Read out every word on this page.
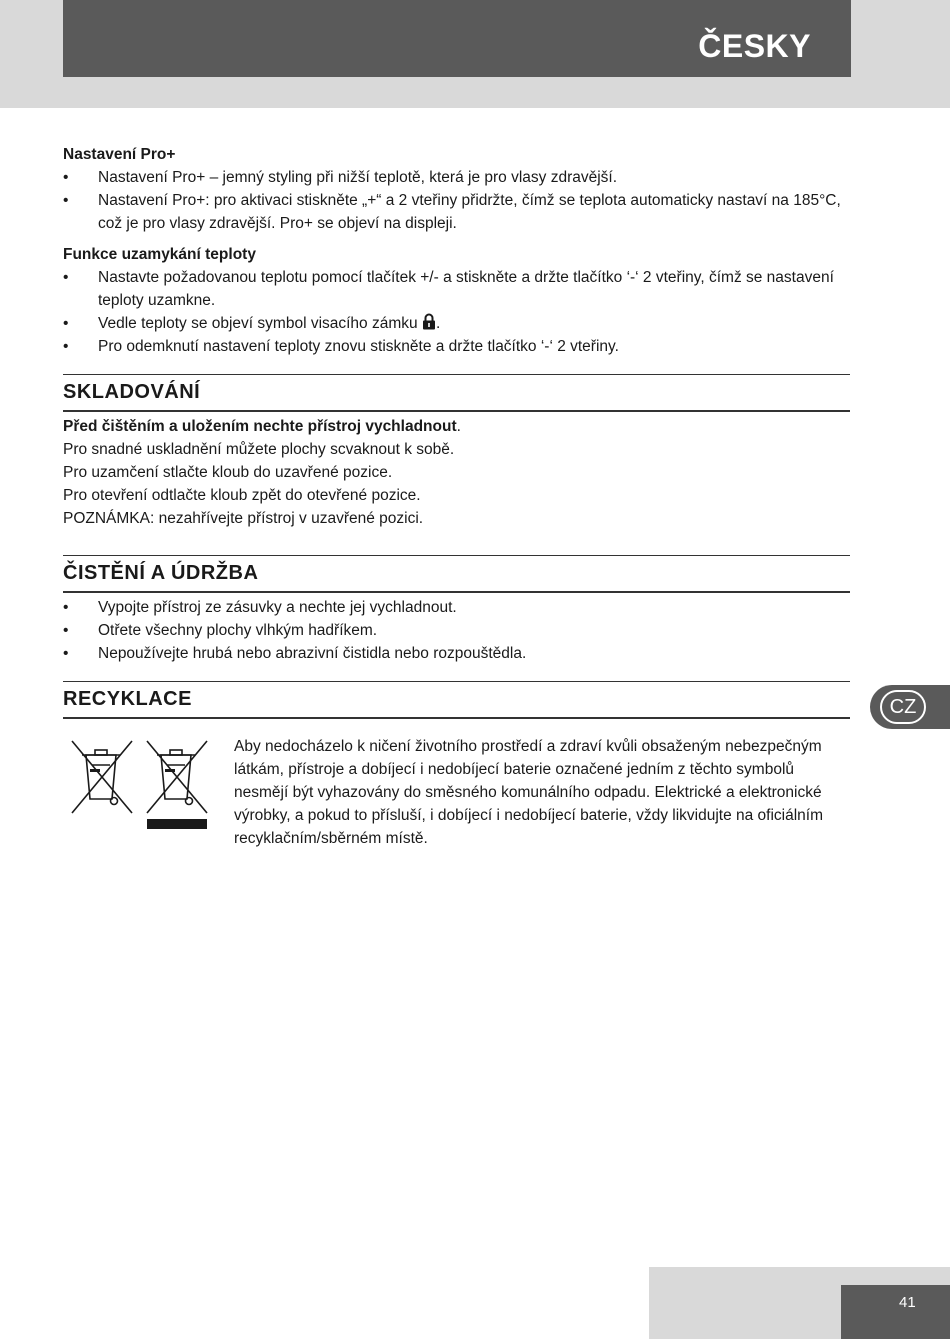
ČESKY
Nastavení Pro+
• Nastavení Pro+ – jemný styling při nižší teplotě, která je pro vlasy zdravější.
• Nastavení Pro+: pro aktivaci stiskněte „+“ a 2 vteřiny přidržte, čímž se teplota automaticky nastaví na 185°C, což je pro vlasy zdravější. Pro+ se objeví na displeji.
Funkce uzamykání teploty
• Nastavte požadovanou teplotu pomocí tlačítek +/- a stiskněte a držte tlačítko ‘-‘ 2 vteřiny, čímž se nastavení teploty uzamkne.
• Vedle teploty se objeví symbol visacího zámku .
• Pro odemknutí nastavení teploty znovu stiskněte a držte tlačítko ‘-‘ 2 vteřiny.
SKLADOVÁNÍ
Před čištěním a uložením nechte přístroj vychladnout.
Pro snadné uskladnění můžete plochy scvaknout k sobě.
Pro uzamčení stlačte kloub do uzavřené pozice.
Pro otevření odtlačte kloub zpět do otevřené pozice.
POZNÁMKA: nezahřívejte přístroj v uzavřené pozici.
ČISTĚNÍ A ÚDRŽBA
• Vypojte přístroj ze zásuvky a nechte jej vychladnout.
• Otřete všechny plochy vlhkým hadříkem.
• Nepoužívejte hrubá nebo abrazivní čistidla nebo rozpouštědla.
RECYKLACE
Aby nedocházelo k ničení životního prostředí a zdraví kvůli obsaženým nebezpečným látkám, přístroje a dobíjecí i nedobíjecí baterie označené jedním z těchto symbolů nesmějí být vyhazovány do směsného komunálního odpadu. Elektrické a elektronické výrobky, a pokud to přísluší, i dobíjecí i nedobíjecí baterie, vždy likvidujte na oficiálním recyklačním/sběrném místě.
CZ
41
